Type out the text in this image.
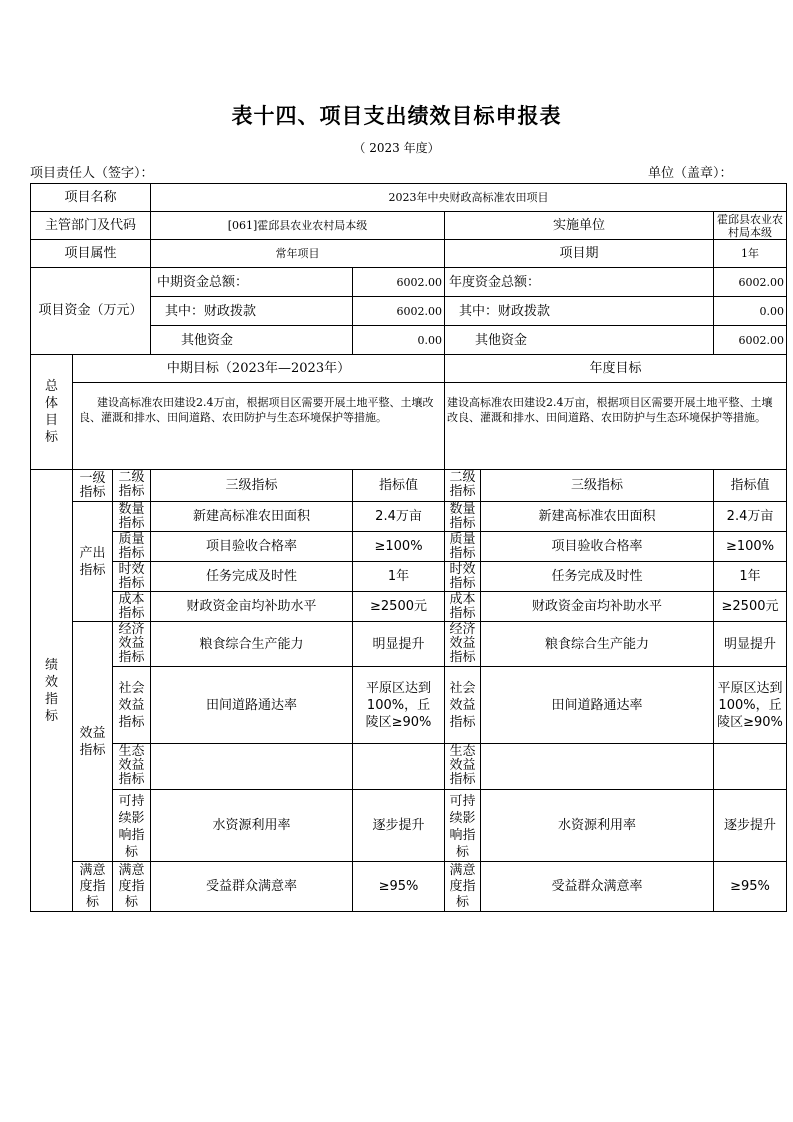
表十四、项目支出绩效目标申报表
（ 2023 年度）
项目责任人（签字）：	单位（盖章）：
项目名称			2023年中央财政高标准农田项目				
主管部门及代码			[061]霍邱县农业农村局本级		实施单位		霍邱县农业农村局本级
项目属性			常年项目		项目期		1年
项目资金（万元）			中期资金总额：	6002.00	年度资金总额：		6002.00
			其中：财政拨款	6002.00	其中：财政拨款		0.00
			其他资金	0.00	其他资金		6002.00
总体目标	中期目标（2023年—2023年）				年度目标		
	建设高标准农田建设2.4万亩，根据项目区需要开展土地平整、土壤改良、灌溉和排水、田间道路、农田防护与生态环境保护等措施。				建设高标准农田建设2.4万亩，根据项目区需要开展土地平整、土壤改良、灌溉和排水、田间道路、农田防护与生态环境保护等措施。		
绩效指标	一级指标	二级指标	三级指标	指标值	二级指标	三级指标	指标值
	产出指标	数量指标	新建高标准农田面积	2.4万亩	数量指标	新建高标准农田面积	2.4万亩
		质量指标	项目验收合格率	≥100%	质量指标	项目验收合格率	≥100%
		时效指标	任务完成及时性	1年	时效指标	任务完成及时性	1年
		成本指标	财政资金亩均补助水平	≥2500元	成本指标	财政资金亩均补助水平	≥2500元
	效益指标	经济效益指标	粮食综合生产能力	明显提升	经济效益指标	粮食综合生产能力	明显提升
		社会效益指标	田间道路通达率	平原区达到100%，丘陵区≥90%	社会效益指标	田间道路通达率	平原区达到100%，丘陵区≥90%
		生态效益指标			生态效益指标		
		可持续影响指标	水资源利用率	逐步提升	可持续影响指标	水资源利用率	逐步提升
	满意度指标	满意度指标	受益群众满意率	≥95%	满意度指标	受益群众满意率	≥95%
